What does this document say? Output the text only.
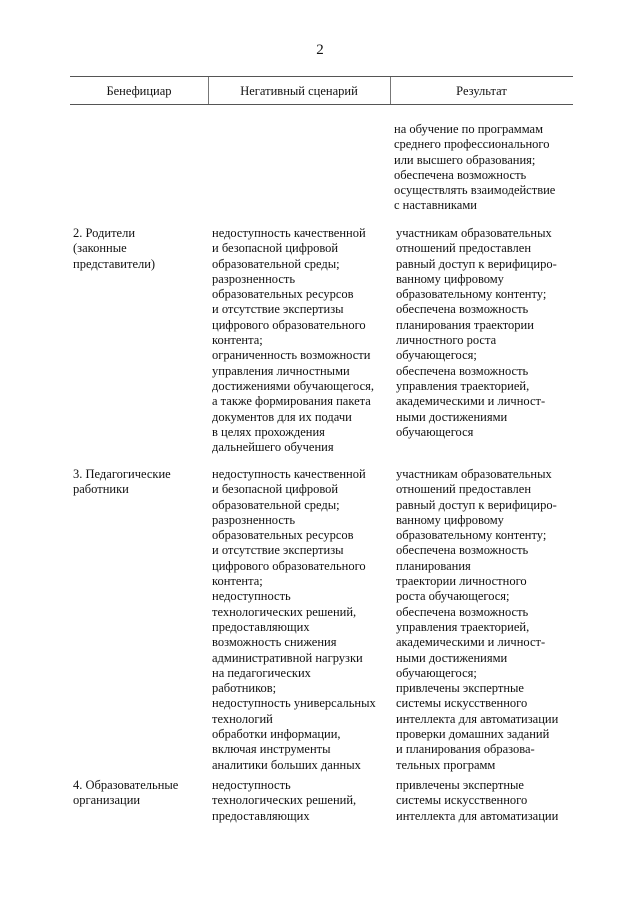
2
Бенефициар	Негативный сценарий	Результат
на обучение по программам
среднего профессионального
или высшего образования;
обеспечена возможность
осуществлять взаимодействие
с наставниками
2. Родители
(законные
представители)
недоступность качественной
и безопасной цифровой
образовательной среды;
разрозненность
образовательных ресурсов
и отсутствие экспертизы
цифрового образовательного
контента;
ограниченность возможности
управления личностными
достижениями обучающегося,
а также формирования пакета
документов для их подачи
в целях прохождения
дальнейшего обучения
участникам образовательных
отношений предоставлен
равный доступ к верифициро-
ванному цифровому
образовательному контенту;
обеспечена возможность
планирования траектории
личностного роста
обучающегося;
обеспечена возможность
управления траекторией,
академическими и личност-
ными достижениями
обучающегося
3. Педагогические
работники
недоступность качественной
и безопасной цифровой
образовательной среды;
разрозненность
образовательных ресурсов
и отсутствие экспертизы
цифрового образовательного
контента;
недоступность
технологических решений,
предоставляющих
возможность снижения
административной нагрузки
на педагогических
работников;
недоступность универсальных
технологий
обработки информации,
включая инструменты
аналитики больших данных
участникам образовательных
отношений предоставлен
равный доступ к верифициро-
ванному цифровому
образовательному контенту;
обеспечена возможность
планирования
траектории личностного
роста обучающегося;
обеспечена возможность
управления траекторией,
академическими и личност-
ными достижениями
обучающегося;
привлечены экспертные
системы искусственного
интеллекта для автоматизации
проверки домашних заданий
и планирования образова-
тельных программ
4. Образовательные
организации
недоступность
технологических решений,
предоставляющих
привлечены экспертные
системы искусственного
интеллекта для автоматизации
